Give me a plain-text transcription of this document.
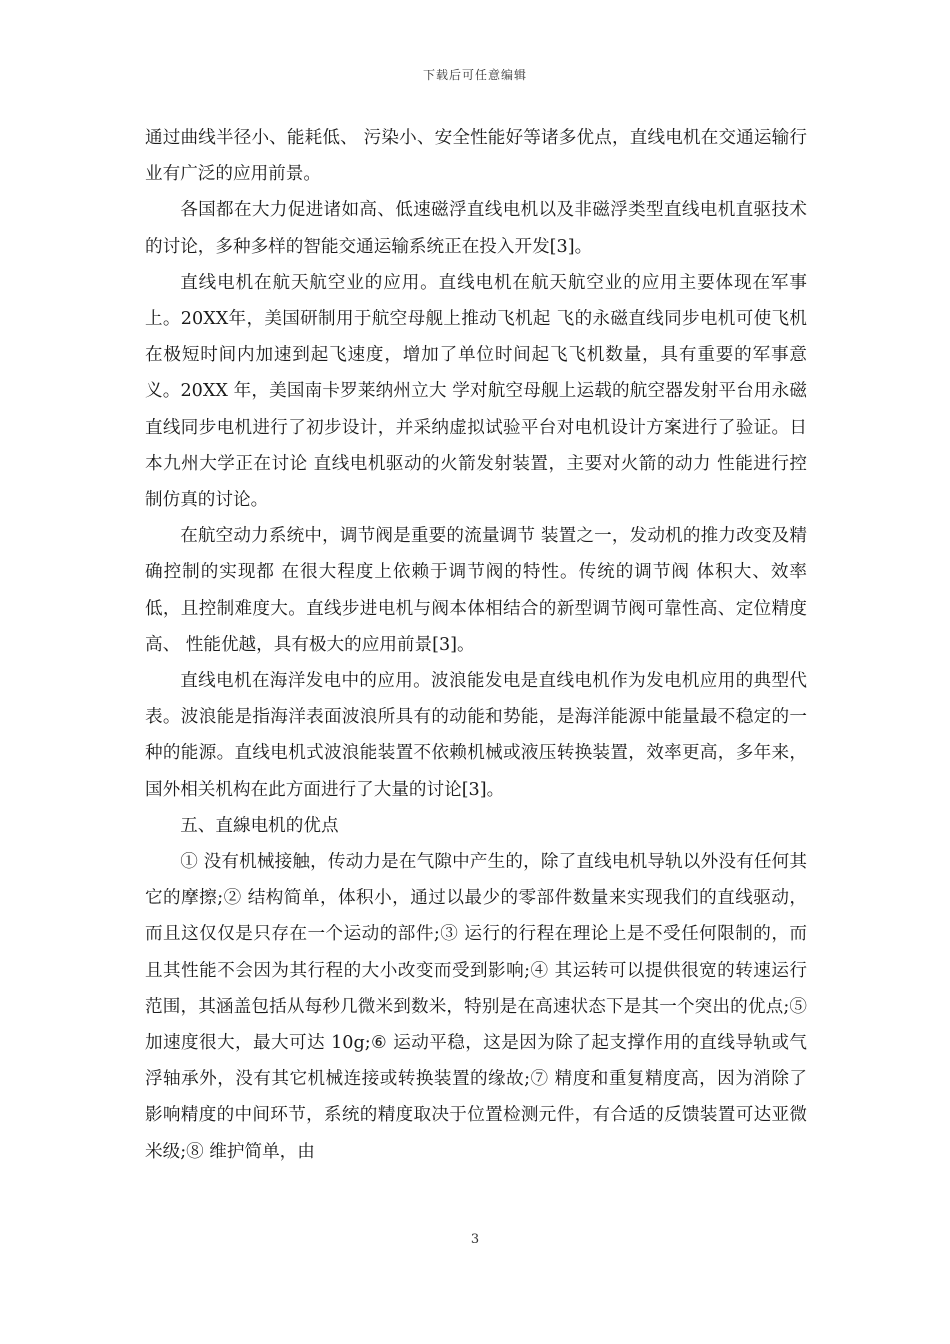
下载后可任意编辑

通过曲线半径小、能耗低、 污染小、安全性能好等诸多优点，直线电机在交通运输行业有广泛的应用前景。

各国都在大力促进诸如高、低速磁浮直线电机以及非磁浮类型直线电机直驱技术的讨论，多种多样的智能交通运输系统正在投入开发[3]。

直线电机在航天航空业的应用。直线电机在航天航空业的应用主要体现在军事上。20XX年，美国研制用于航空母舰上推动飞机起 飞的永磁直线同步电机可使飞机在极短时间内加速到起飞速度，增加了单位时间起飞飞机数量，具有重要的军事意义。20XX 年，美国南卡罗莱纳州立大 学对航空母舰上运载的航空器发射平台用永磁直线同步电机进行了初步设计，并采纳虚拟试验平台对电机设计方案进行了验证。日本九州大学正在讨论 直线电机驱动的火箭发射装置，主要对火箭的动力 性能进行控制仿真的讨论。

在航空动力系统中，调节阀是重要的流量调节 装置之一，发动机的推力改变及精确控制的实现都 在很大程度上依赖于调节阀的特性。传统的调节阀 体积大、效率低，且控制难度大。直线步进电机与阀本体相结合的新型调节阀可靠性高、定位精度高、 性能优越，具有极大的应用前景[3]。

直线电机在海洋发电中的应用。波浪能发电是直线电机作为发电机应用的典型代表。波浪能是指海洋表面波浪所具有的动能和势能，是海洋能源中能量最不稳定的一种的能源。直线电机式波浪能装置不依赖机械或液压转换装置，效率更高，多年来，国外相关机构在此方面进行了大量的讨论[3]。

五、直線电机的优点

① 没有机械接触，传动力是在气隙中产生的，除了直线电机导轨以外没有任何其它的摩擦;② 结构简单，体积小，通过以最少的零部件数量来实现我们的直线驱动，而且这仅仅是只存在一个运动的部件;③ 运行的行程在理论上是不受任何限制的，而且其性能不会因为其行程的大小改变而受到影响;④ 其运转可以提供很宽的转速运行范围，其涵盖包括从每秒几微米到数米，特别是在高速状态下是其一个突出的优点;⑤ 加速度很大，最大可达 10g;⑥ 运动平稳，这是因为除了起支撑作用的直线导轨或气浮轴承外，没有其它机械连接或转换装置的缘故;⑦ 精度和重复精度高，因为消除了影响精度的中间环节，系统的精度取决于位置检测元件，有合适的反馈装置可达亚微米级;⑧ 维护简单，由

3
